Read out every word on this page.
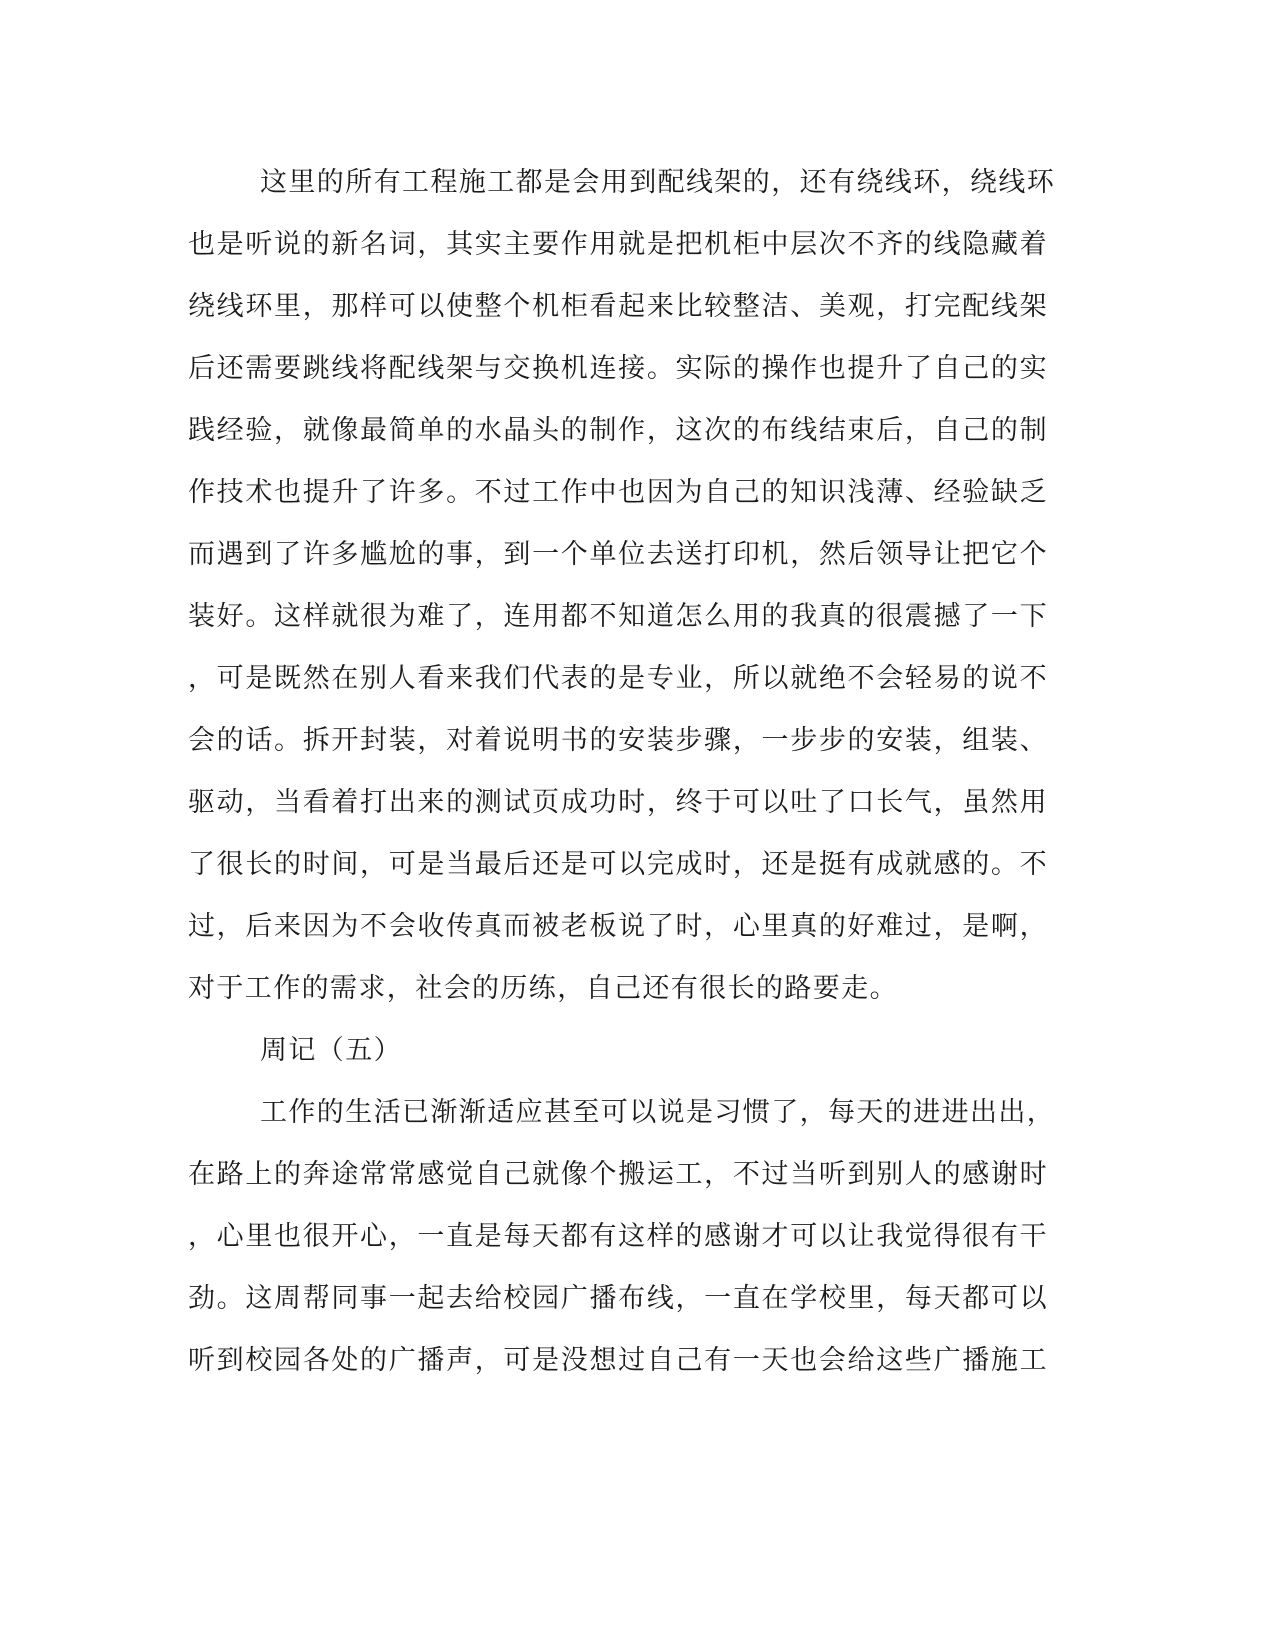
这里的所有工程施工都是会用到配线架的，还有绕线环，绕线环
也是听说的新名词，其实主要作用就是把机柜中层次不齐的线隐藏着
绕线环里，那样可以使整个机柜看起来比较整洁、美观，打完配线架
后还需要跳线将配线架与交换机连接。实际的操作也提升了自己的实
践经验，就像最简单的水晶头的制作，这次的布线结束后，自己的制
作技术也提升了许多。不过工作中也因为自己的知识浅薄、经验缺乏
而遇到了许多尴尬的事，到一个单位去送打印机，然后领导让把它个
装好。这样就很为难了，连用都不知道怎么用的我真的很震撼了一下
，可是既然在别人看来我们代表的是专业，所以就绝不会轻易的说不
会的话。拆开封装，对着说明书的安装步骤，一步步的安装，组装、
驱动，当看着打出来的测试页成功时，终于可以吐了口长气，虽然用
了很长的时间，可是当最后还是可以完成时，还是挺有成就感的。不
过，后来因为不会收传真而被老板说了时，心里真的好难过，是啊，
对于工作的需求，社会的历练，自己还有很长的路要走。
周记（五）
工作的生活已渐渐适应甚至可以说是习惯了，每天的进进出出，
在路上的奔途常常感觉自己就像个搬运工，不过当听到别人的感谢时
，心里也很开心，一直是每天都有这样的感谢才可以让我觉得很有干
劲。这周帮同事一起去给校园广播布线，一直在学校里，每天都可以
听到校园各处的广播声，可是没想过自己有一天也会给这些广播施工
